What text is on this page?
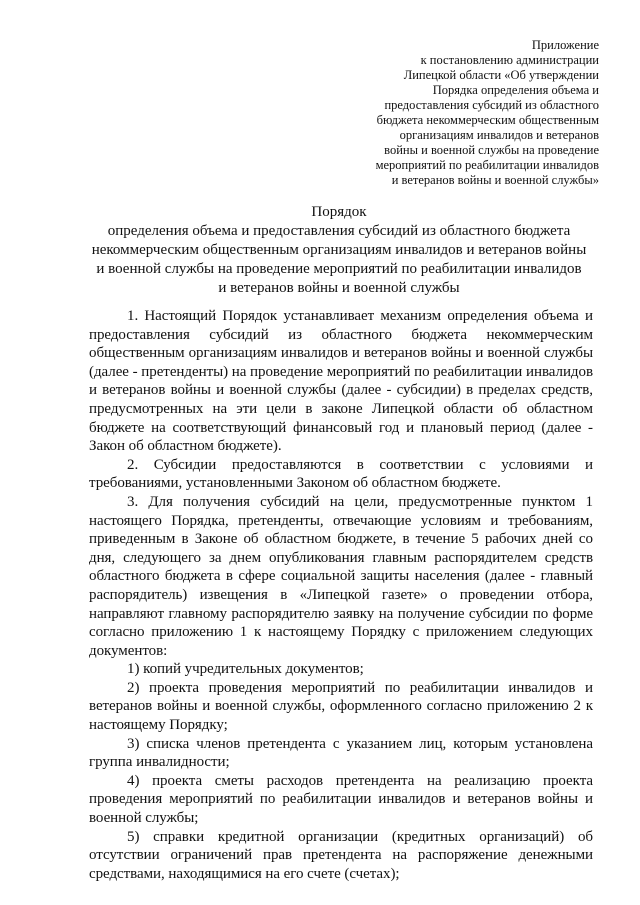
Приложение
к постановлению администрации
Липецкой области «Об утверждении
Порядка определения объема и
предоставления субсидий из областного
бюджета некоммерческим общественным
организациям инвалидов и ветеранов
войны и военной службы на проведение
мероприятий по реабилитации инвалидов
и ветеранов войны и военной службы»
Порядок
определения объема и предоставления субсидий из областного бюджета
некоммерческим общественным организациям инвалидов и ветеранов войны
и военной службы на проведение мероприятий по реабилитации инвалидов
и ветеранов войны и военной службы

1. Настоящий Порядок устанавливает механизм определения объема и предоставления субсидий из областного бюджета некоммерческим общественным организациям инвалидов и ветеранов войны и военной службы (далее - претенденты) на проведение мероприятий по реабилитации инвалидов и ветеранов войны и военной службы (далее - субсидии) в пределах средств, предусмотренных на эти цели в законе Липецкой области об областном бюджете на соответствующий финансовый год и плановый период (далее - Закон об областном бюджете).

2. Субсидии предоставляются в соответствии с условиями и требованиями, установленными Законом об областном бюджете.

3. Для получения субсидий на цели, предусмотренные пунктом 1 настоящего Порядка, претенденты, отвечающие условиям и требованиям, приведенным в Законе об областном бюджете, в течение 5 рабочих дней со дня, следующего за днем опубликования главным распорядителем средств областного бюджета в сфере социальной защиты населения (далее - главный распорядитель) извещения в «Липецкой газете» о проведении отбора, направляют главному распорядителю заявку на получение субсидии по форме согласно приложению 1 к настоящему Порядку с приложением следующих документов:

1) копий учредительных документов;

2) проекта проведения мероприятий по реабилитации инвалидов и ветеранов войны и военной службы, оформленного согласно приложению 2 к настоящему Порядку;

3) списка членов претендента с указанием лиц, которым установлена группа инвалидности;

4) проекта сметы расходов претендента на реализацию проекта проведения мероприятий по реабилитации инвалидов и ветеранов войны и военной службы;

5) справки кредитной организации (кредитных организаций) об отсутствии ограничений прав претендента на распоряжение денежными средствами, находящимися на его счете (счетах);
